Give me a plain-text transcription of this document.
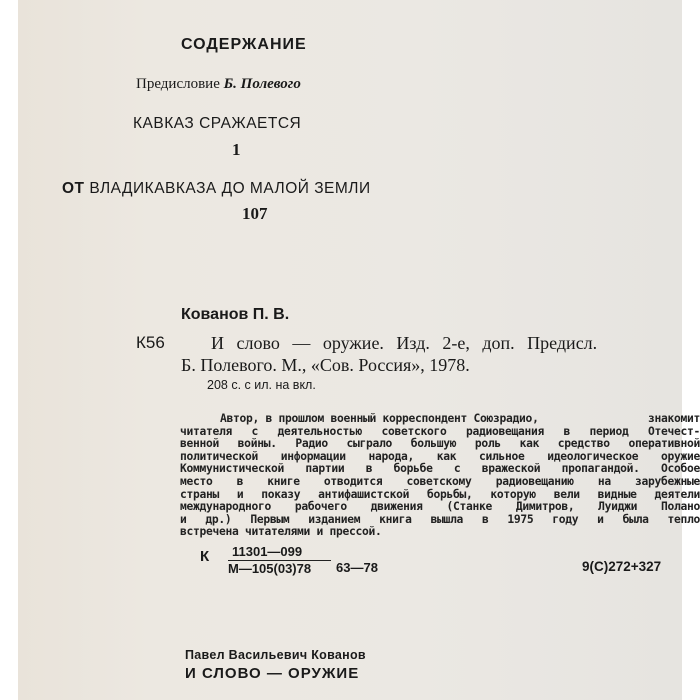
СОДЕРЖАНИЕ
Предисловие Б. Полевого
КАВКАЗ СРАЖАЕТСЯ
1
ОТ ВЛАДИКАВКАЗА ДО МАЛОЙ ЗЕМЛИ
107
Кованов П. В.
К56	И слово — оружие. Изд. 2-е, доп. Предисл.
Б. Полевого. М., «Сов. Россия», 1978.
208 с. с ил. на вкл.
Автор, в прошлом военный корреспондент Союзрадио,	знакомит
читателя с деятельностью советского радиовещания в период Отечест-
венной войны. Радио сыграло большую роль как средство оперативной
политической информации народа, как сильное идеологическое оружие
Коммунистической партии в борьбе с вражеской пропагандой. Особое
место в книге отводится советскому радиовещанию на зарубежные
страны и показу антифашистской борьбы, которую вели видные деятели
международного рабочего движения (Станке Димитров, Луиджи Полано
и др.) Первым изданием книга вышла в 1975 году и была тепло
встречена читателями и прессой.
К	11301—099
М—105(03)78	63—78	9(С)272+327
Павел Васильевич Кованов
И СЛОВО — ОРУЖИЕ
